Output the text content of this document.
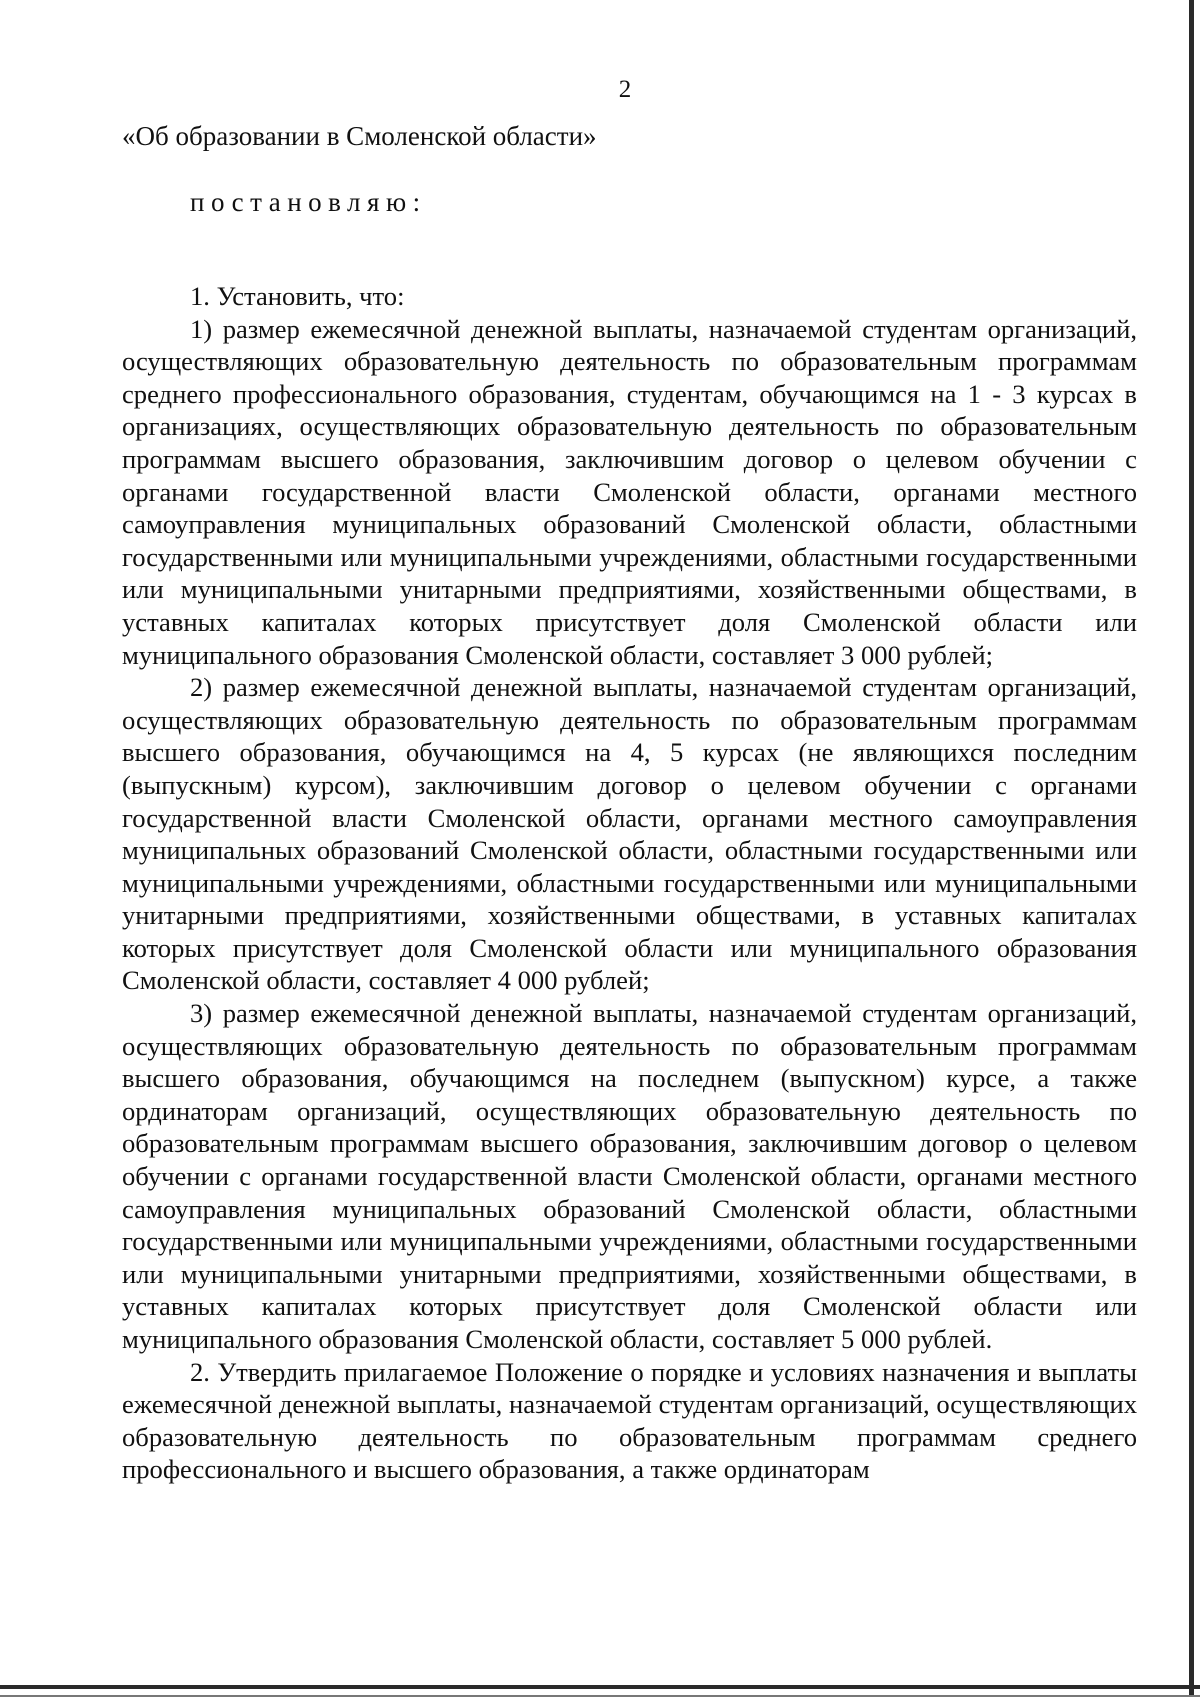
2
«Об образовании в Смоленской области»
постановляю:

1. Установить, что:

1) размер ежемесячной денежной выплаты, назначаемой студентам организаций, осуществляющих образовательную деятельность по образовательным программам среднего профессионального образования, студентам, обучающимся на 1 - 3 курсах в организациях, осуществляющих образовательную деятельность по образовательным программам высшего образования, заключившим договор о целевом обучении с органами государственной власти Смоленской области, органами местного самоуправления муниципальных образований Смоленской области, областными государственными или муниципальными учреждениями, областными государственными или муниципальными унитарными предприятиями, хозяйственными обществами, в уставных капиталах которых присутствует доля Смоленской области или муниципального образования Смоленской области, составляет 3 000 рублей;

2) размер ежемесячной денежной выплаты, назначаемой студентам организаций, осуществляющих образовательную деятельность по образовательным программам высшего образования, обучающимся на 4, 5 курсах (не являющихся последним (выпускным) курсом), заключившим договор о целевом обучении с органами государственной власти Смоленской области, органами местного самоуправления муниципальных образований Смоленской области, областными государственными или муниципальными учреждениями, областными государственными или муниципальными унитарными предприятиями, хозяйственными обществами, в уставных капиталах которых присутствует доля Смоленской области или муниципального образования Смоленской области, составляет 4 000 рублей;

3) размер ежемесячной денежной выплаты, назначаемой студентам организаций, осуществляющих образовательную деятельность по образовательным программам высшего образования, обучающимся на последнем (выпускном) курсе, а также ординаторам организаций, осуществляющих образовательную деятельность по образовательным программам высшего образования, заключившим договор о целевом обучении с органами государственной власти Смоленской области, органами местного самоуправления муниципальных образований Смоленской области, областными государственными или муниципальными учреждениями, областными государственными или муниципальными унитарными предприятиями, хозяйственными обществами, в уставных капиталах которых присутствует доля Смоленской области или муниципального образования Смоленской области, составляет 5 000 рублей.

2. Утвердить прилагаемое Положение о порядке и условиях назначения и выплаты ежемесячной денежной выплаты, назначаемой студентам организаций, осуществляющих образовательную деятельность по образовательным программам среднего профессионального и высшего образования, а также ординаторам
